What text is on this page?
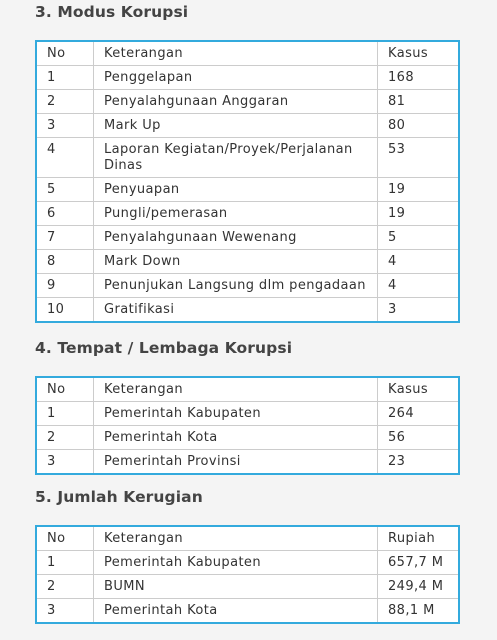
3. Modus Korupsi
No	Keterangan	Kasus
1	Penggelapan	168
2	Penyalahgunaan Anggaran	81
3	Mark Up	80
4	Laporan Kegiatan/Proyek/Perjalanan Dinas	53
5	Penyuapan	19
6	Pungli/pemerasan	19
7	Penyalahgunaan Wewenang	5
8	Mark Down	4
9	Penunjukan Langsung dlm pengadaan	4
10	Gratifikasi	3
4. Tempat / Lembaga Korupsi
No	Keterangan	Kasus
1	Pemerintah Kabupaten	264
2	Pemerintah Kota	56
3	Pemerintah Provinsi	23
5. Jumlah Kerugian
No	Keterangan	Rupiah
1	Pemerintah Kabupaten	657,7 M
2	BUMN	249,4 M
3	Pemerintah Kota	88,1 M
